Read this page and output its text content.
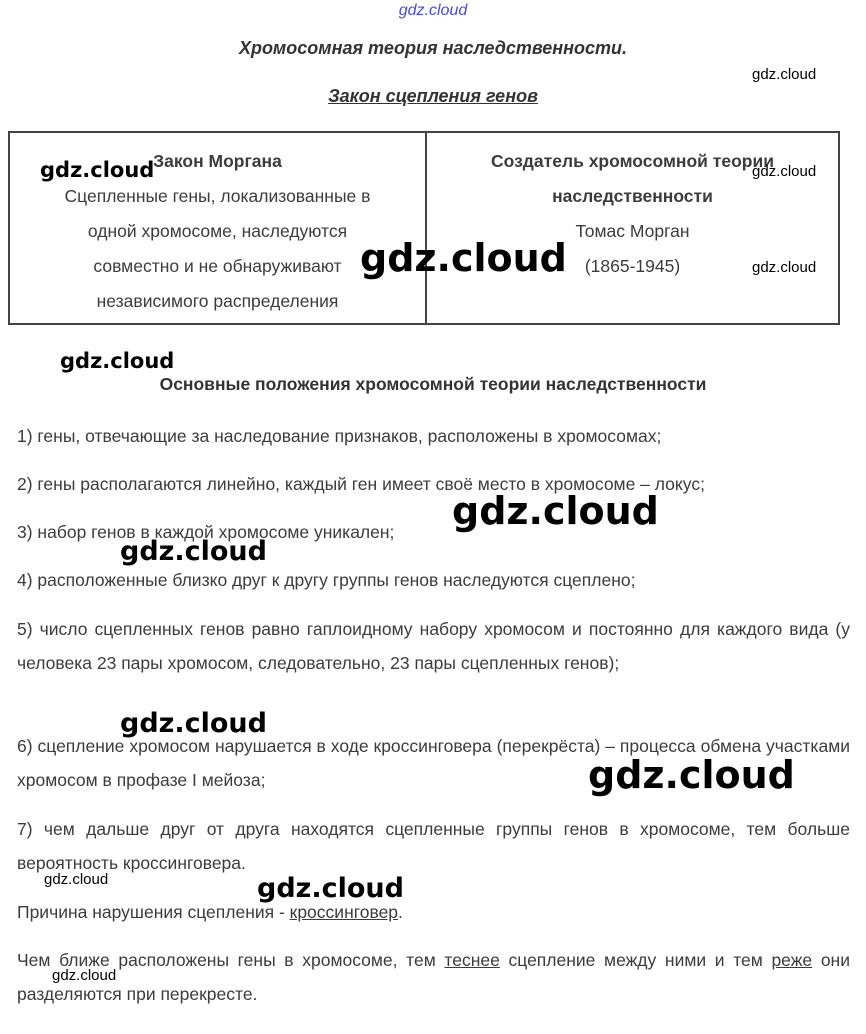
gdz.cloud
Хромосомная теория наследственности.
Закон сцепления генов
Закон Моргана
Сцепленные гены, локализованные в
одной хромосоме, наследуются
совместно и не обнаруживают
независимого распределения
Создатель хромосомной теории
наследственности
Томас Морган
(1865-1945)
Основные положения хромосомной теории наследственности
1) гены, отвечающие за наследование признаков, расположены в хромосомах;
2) гены располагаются линейно, каждый ген имеет своё место в хромосоме – локус;
3) набор генов в каждой хромосоме уникален;
4) расположенные близко друг к другу группы генов наследуются сцеплено;
5) число сцепленных генов равно гаплоидному набору хромосом и постоянно для каждого вида (у человека 23 пары хромосом, следовательно, 23 пары сцепленных генов);
6) сцепление хромосом нарушается в ходе кроссинговера (перекрёста) – процесса обмена участками хромосом в профазе I мейоза;
7) чем дальше друг от друга находятся сцепленные группы генов в хромосоме, тем больше вероятность кроссинговера.
Причина нарушения сцепления - кроссинговер.
Чем ближе расположены гены в хромосоме, тем теснее сцепление между ними и тем реже они разделяются при перекресте.
gdz.cloud
gdz.cloud	gdz.cloud
gdz.cloud	gdz.cloud
gdz.cloud
gdz.cloud
gdz.cloud
gdz.cloud
gdz.cloud
gdz.cloud	gdz.cloud
gdz.cloud
